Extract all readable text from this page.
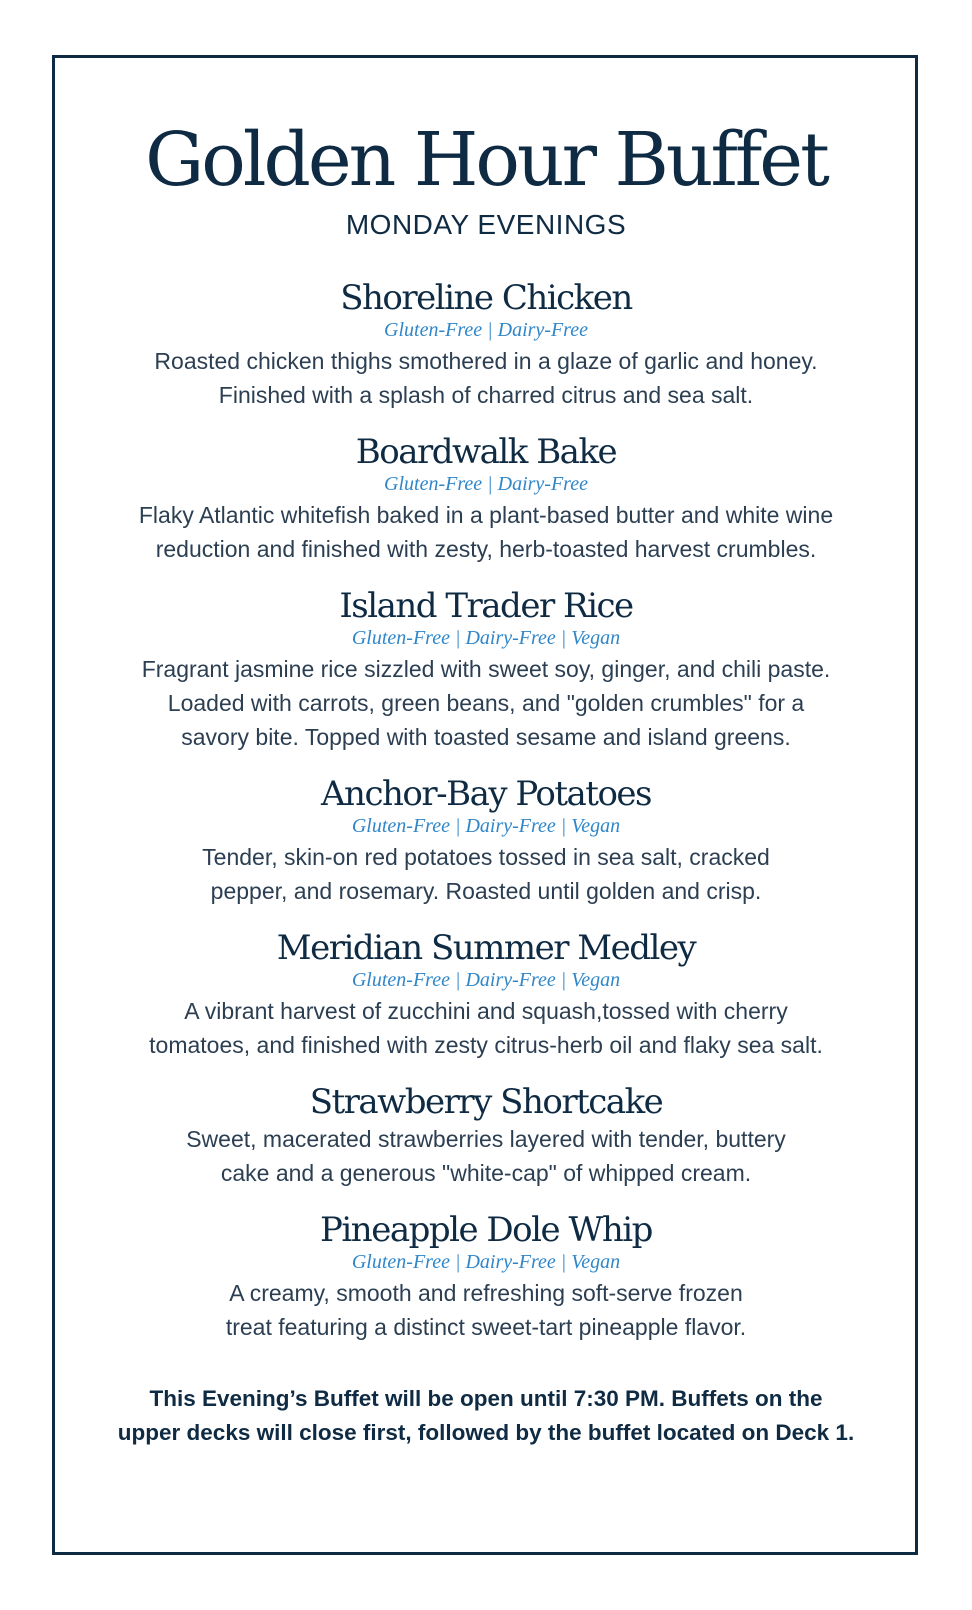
Golden Hour Buffet

MONDAY EVENINGS

Shoreline Chicken

Gluten-Free | Dairy-Free

Roasted chicken thighs smothered in a glaze of garlic and honey.
Finished with a splash of charred citrus and sea salt.

Boardwalk Bake

Gluten-Free | Dairy-Free

Flaky Atlantic whitefish baked in a plant-based butter and white wine
reduction and finished with zesty, herb-toasted harvest crumbles.

Island Trader Rice

Gluten-Free | Dairy-Free | Vegan

Fragrant jasmine rice sizzled with sweet soy, ginger, and chili paste.
Loaded with carrots, green beans, and "golden crumbles" for a
savory bite. Topped with toasted sesame and island greens.

Anchor-Bay Potatoes

Gluten-Free | Dairy-Free | Vegan

Tender, skin-on red potatoes tossed in sea salt, cracked
pepper, and rosemary. Roasted until golden and crisp.

Meridian Summer Medley

Gluten-Free | Dairy-Free | Vegan

A vibrant harvest of zucchini and squash,tossed with cherry
tomatoes, and finished with zesty citrus-herb oil and flaky sea salt.

Strawberry Shortcake

Sweet, macerated strawberries layered with tender, buttery
cake and a generous "white-cap" of whipped cream.

Pineapple Dole Whip

Gluten-Free | Dairy-Free | Vegan

A creamy, smooth and refreshing soft-serve frozen
treat featuring a distinct sweet-tart pineapple flavor.

This Evening’s Buffet will be open until 7:30 PM. Buffets on the
upper decks will close first, followed by the buffet located on Deck 1.
